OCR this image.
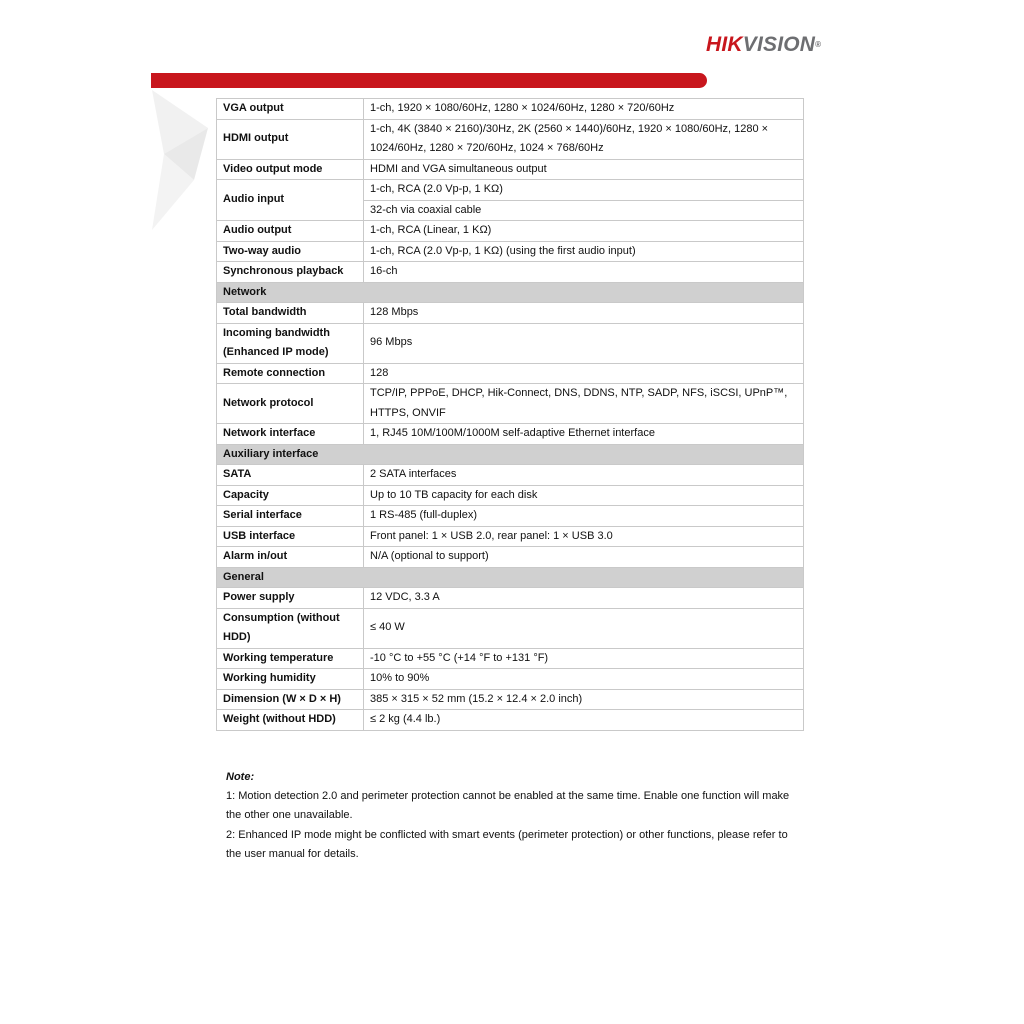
HIKVISION®
VGA output	1-ch, 1920 × 1080/60Hz, 1280 × 1024/60Hz, 1280 × 720/60Hz
HDMI output	1-ch, 4K (3840 × 2160)/30Hz, 2K (2560 × 1440)/60Hz, 1920 × 1080/60Hz, 1280 × 1024/60Hz, 1280 × 720/60Hz, 1024 × 768/60Hz
Video output mode	HDMI and VGA simultaneous output
Audio input	1-ch, RCA (2.0 Vp-p, 1 KΩ)
	32-ch via coaxial cable
Audio output	1-ch, RCA (Linear, 1 KΩ)
Two-way audio	1-ch, RCA (2.0 Vp-p, 1 KΩ) (using the first audio input)
Synchronous playback	16-ch
Network	
Total bandwidth	128 Mbps
Incoming bandwidth (Enhanced IP mode)	96 Mbps
Remote connection	128
Network protocol	TCP/IP, PPPoE, DHCP, Hik-Connect, DNS, DDNS, NTP, SADP, NFS, iSCSI, UPnP™, HTTPS, ONVIF
Network interface	1, RJ45 10M/100M/1000M self-adaptive Ethernet interface
Auxiliary interface	
SATA	2 SATA interfaces
Capacity	Up to 10 TB capacity for each disk
Serial interface	1 RS-485 (full-duplex)
USB interface	Front panel: 1 × USB 2.0, rear panel: 1 × USB 3.0
Alarm in/out	N/A (optional to support)
General	
Power supply	12 VDC, 3.3 A
Consumption (without HDD)	≤ 40 W
Working temperature	-10 °C to +55 °C (+14 °F to +131 °F)
Working humidity	10% to 90%
Dimension (W × D × H)	385 × 315 × 52 mm (15.2 × 12.4 × 2.0 inch)
Weight (without HDD)	≤ 2 kg (4.4 lb.)
Note:
1: Motion detection 2.0 and perimeter protection cannot be enabled at the same time. Enable one function will make the other one unavailable.
2: Enhanced IP mode might be conflicted with smart events (perimeter protection) or other functions, please refer to the user manual for details.
